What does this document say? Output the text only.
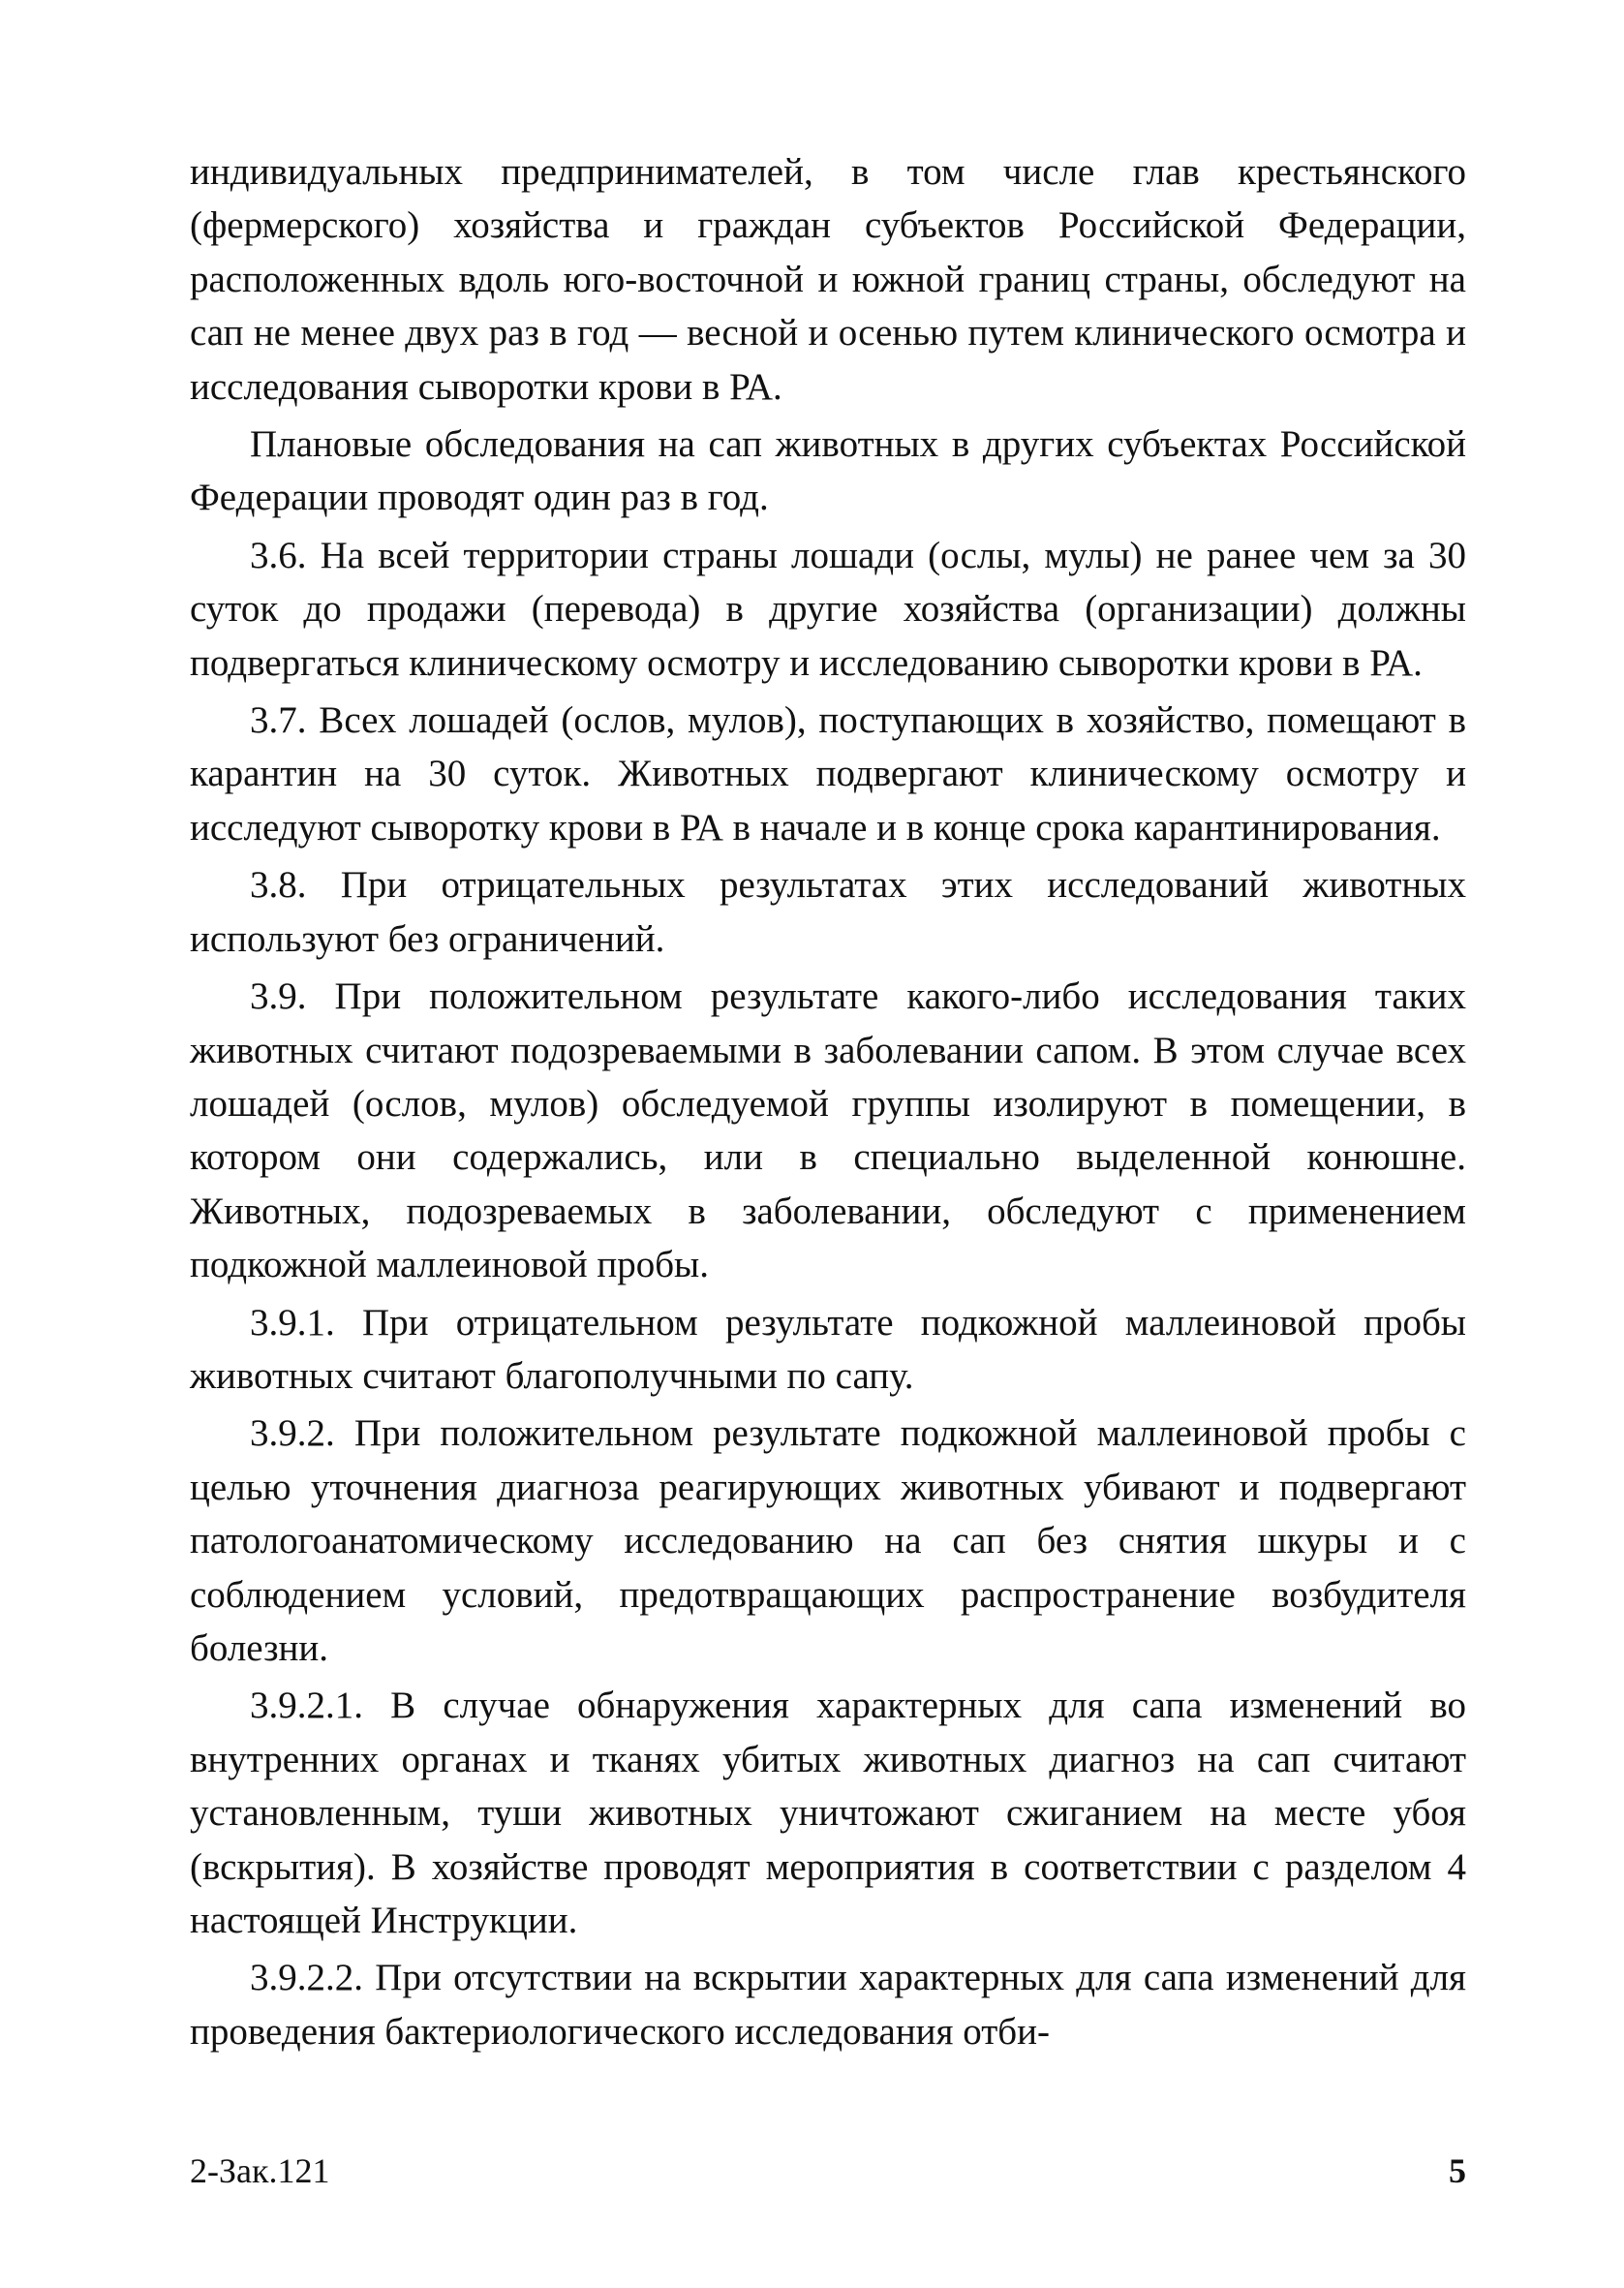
индивидуальных предпринимателей, в том числе глав крестьянского (фермерского) хозяйства и граждан субъектов Российской Федерации, расположенных вдоль юго-восточной и южной границ страны, обследуют на сап не менее двух раз в год — весной и осенью путем клинического осмотра и исследования сыворотки крови в РА.

Плановые обследования на сап животных в других субъектах Российской Федерации проводят один раз в год.

3.6. На всей территории страны лошади (ослы, мулы) не ранее чем за 30 суток до продажи (перевода) в другие хозяйства (организации) должны подвергаться клиническому осмотру и исследованию сыворотки крови в РА.

3.7. Всех лошадей (ослов, мулов), поступающих в хозяйство, помещают в карантин на 30 суток. Животных подвергают клиническому осмотру и исследуют сыворотку крови в РА в начале и в конце срока карантинирования.

3.8. При отрицательных результатах этих исследований животных используют без ограничений.

3.9. При положительном результате какого-либо исследования таких животных считают подозреваемыми в заболевании сапом. В этом случае всех лошадей (ослов, мулов) обследуемой группы изолируют в помещении, в котором они содержались, или в специально выделенной конюшне. Животных, подозреваемых в заболевании, обследуют с применением подкожной маллеиновой пробы.

3.9.1. При отрицательном результате подкожной маллеиновой пробы животных считают благополучными по сапу.

3.9.2. При положительном результате подкожной маллеиновой пробы с целью уточнения диагноза реагирующих животных убивают и подвергают патологоанатомическому исследованию на сап без снятия шкуры и с соблюдением условий, предотвращающих распространение возбудителя болезни.

3.9.2.1. В случае обнаружения характерных для сапа изменений во внутренних органах и тканях убитых животных диагноз на сап считают установленным, туши животных уничтожают сжиганием на месте убоя (вскрытия). В хозяйстве проводят мероприятия в соответствии с разделом 4 настоящей Инструкции.

3.9.2.2. При отсутствии на вскрытии характерных для сапа изменений для проведения бактериологического исследования отби-

2-Зак.121	5
